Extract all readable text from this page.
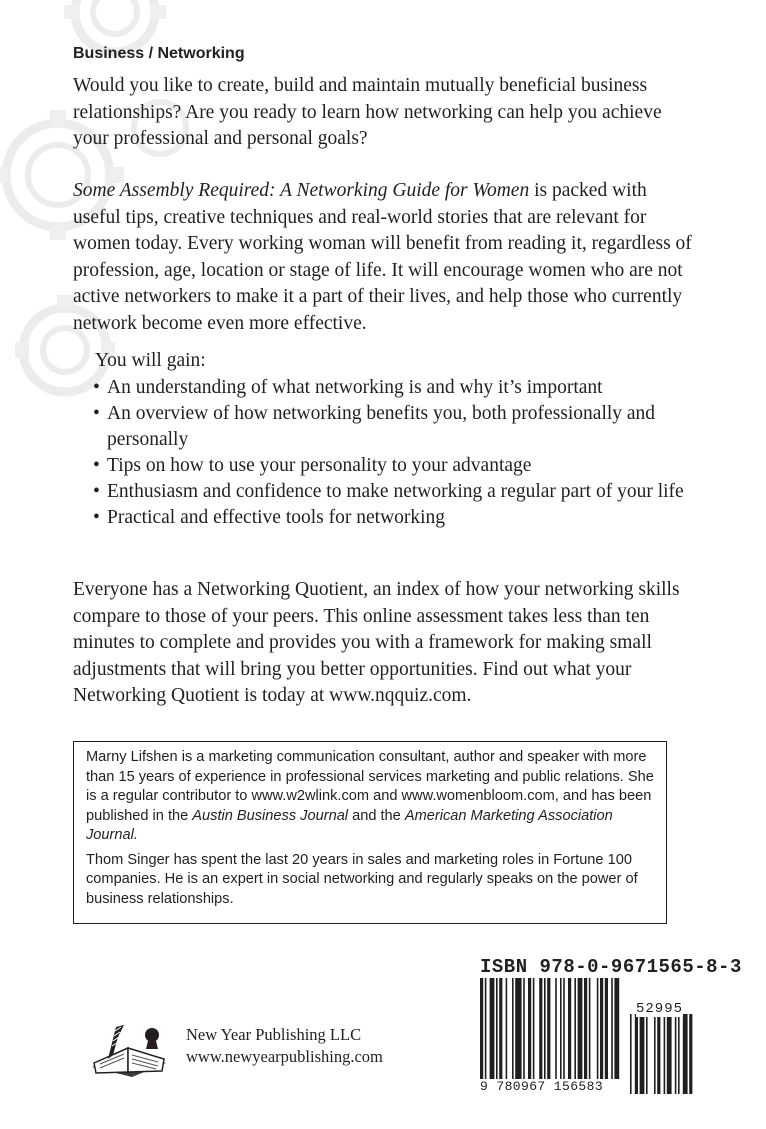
Business / Networking

Would you like to create, build and maintain mutually beneficial business relationships? Are you ready to learn how networking can help you achieve your professional and personal goals?

Some Assembly Required: A Networking Guide for Women is packed with useful tips, creative techniques and real-world stories that are relevant for women today. Every working woman will benefit from reading it, regardless of profession, age, location or stage of life. It will encourage women who are not active networkers to make it a part of their lives, and help those who currently network become even more effective.

You will gain:

• An understanding of what networking is and why it’s important
• An overview of how networking benefits you, both professionally and personally
• Tips on how to use your personality to your advantage
• Enthusiasm and confidence to make networking a regular part of your life
• Practical and effective tools for networking

Everyone has a Networking Quotient, an index of how your networking skills compare to those of your peers. This online assessment takes less than ten minutes to complete and provides you with a framework for making small adjustments that will bring you better opportunities. Find out what your Networking Quotient is today at www.nqquiz.com.

Marny Lifshen is a marketing communication consultant, author and speaker with more than 15 years of experience in professional services marketing and public relations. She is a regular contributor to www.w2wlink.com and www.womenbloom.com, and has been published in the Austin Business Journal and the American Marketing Association Journal.

Thom Singer has spent the last 20 years in sales and marketing roles in Fortune 100 companies. He is an expert in social networking and regularly speaks on the power of business relationships.

New Year Publishing LLC
www.newyearpublishing.com
ISBN 978-0-9671565-8-3
9 780967 156583
52995
